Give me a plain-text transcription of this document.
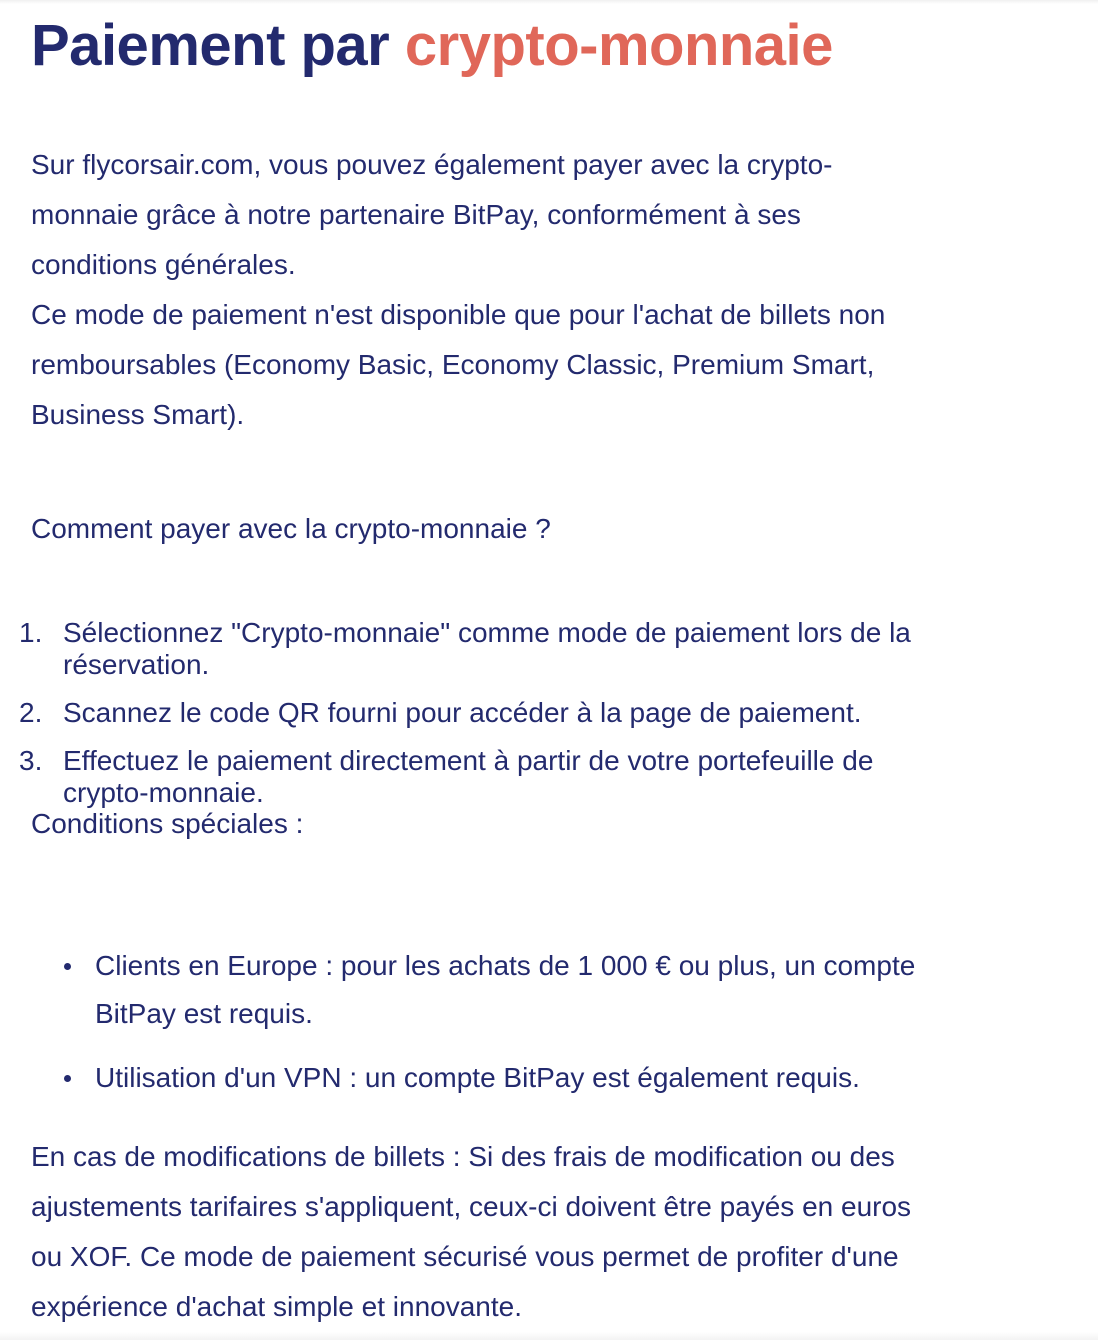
Paiement par crypto-monnaie

Sur flycorsair.com, vous pouvez également payer avec la crypto-
monnaie grâce à notre partenaire BitPay, conformément à ses
conditions générales.
Ce mode de paiement n'est disponible que pour l'achat de billets non
remboursables (Economy Basic, Economy Classic, Premium Smart,
Business Smart).

Comment payer avec la crypto-monnaie ?

1. Sélectionnez "Crypto-monnaie" comme mode de paiement lors de la
réservation.
2. Scannez le code QR fourni pour accéder à la page de paiement.
3. Effectuez le paiement directement à partir de votre portefeuille de
crypto-monnaie.

Conditions spéciales :

Clients en Europe : pour les achats de 1 000 € ou plus, un compte
BitPay est requis.
Utilisation d'un VPN : un compte BitPay est également requis.

En cas de modifications de billets : Si des frais de modification ou des
ajustements tarifaires s'appliquent, ceux-ci doivent être payés en euros
ou XOF. Ce mode de paiement sécurisé vous permet de profiter d'une
expérience d'achat simple et innovante.
